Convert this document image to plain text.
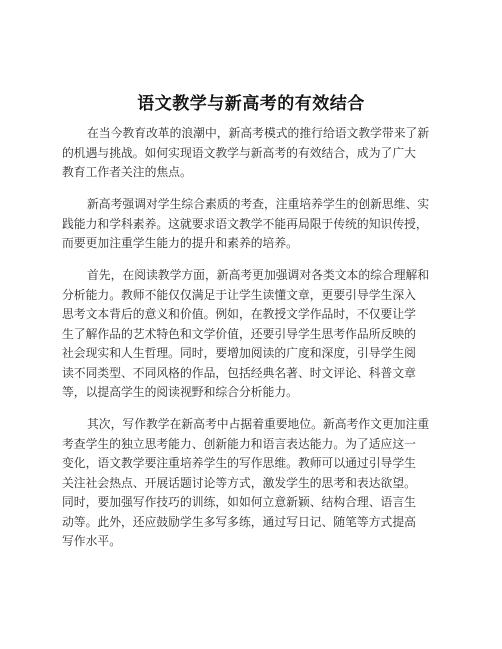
语文教学与新高考的有效结合
在当今教育改革的浪潮中，新高考模式的推行给语文教学带来了新
的机遇与挑战。如何实现语文教学与新高考的有效结合，成为了广大
教育工作者关注的焦点。
新高考强调对学生综合素质的考查，注重培养学生的创新思维、实
践能力和学科素养。这就要求语文教学不能再局限于传统的知识传授，
而要更加注重学生能力的提升和素养的培养。
首先，在阅读教学方面，新高考更加强调对各类文本的综合理解和
分析能力。教师不能仅仅满足于让学生读懂文章，更要引导学生深入
思考文本背后的意义和价值。例如，在教授文学作品时，不仅要让学
生了解作品的艺术特色和文学价值，还要引导学生思考作品所反映的
社会现实和人生哲理。同时，要增加阅读的广度和深度，引导学生阅
读不同类型、不同风格的作品，包括经典名著、时文评论、科普文章
等，以提高学生的阅读视野和综合分析能力。
其次，写作教学在新高考中占据着重要地位。新高考作文更加注重
考查学生的独立思考能力、创新能力和语言表达能力。为了适应这一
变化，语文教学要注重培养学生的写作思维。教师可以通过引导学生
关注社会热点、开展话题讨论等方式，激发学生的思考和表达欲望。
同时，要加强写作技巧的训练，如如何立意新颖、结构合理、语言生
动等。此外，还应鼓励学生多写多练，通过写日记、随笔等方式提高
写作水平。
